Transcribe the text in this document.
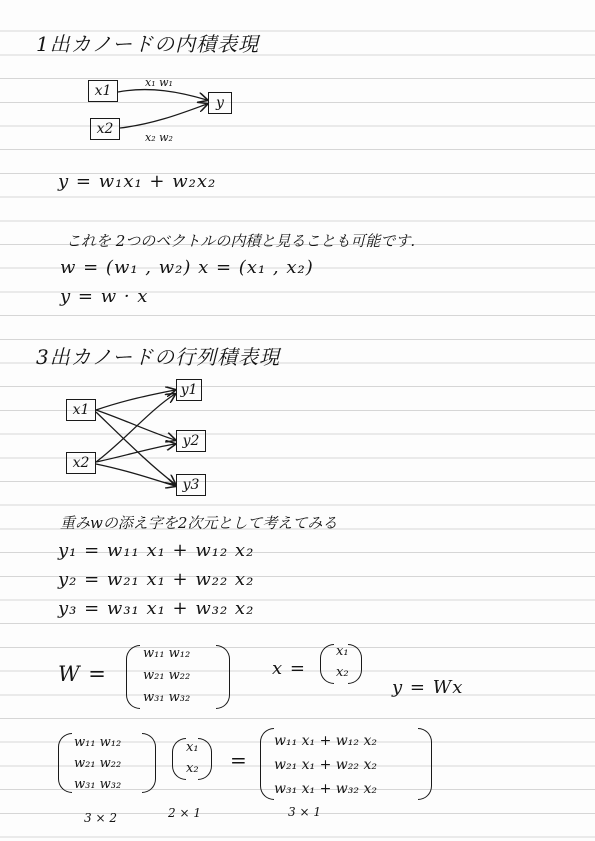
1出カノードの内積表現
x1
x2
y
x₁ w₁
x₂ w₂
y = w₁x₁ + w₂x₂
これを 2つのベクトルの内積と見ることも可能です.
w = (w₁ , w₂) x = (x₁ , x₂)
y = w · x
3出カノードの行列積表現
x1
x2
y1
y2
y3
重みwの添え字を2次元として考えてみる
y₁ = w₁₁ x₁ + w₁₂ x₂
y₂ = w₂₁ x₁ + w₂₂ x₂
y₃ = w₃₁ x₁ + w₃₂ x₂
W =
w₁₁ w₁₂
w₂₁ w₂₂
w₃₁ w₃₂
x =
x₁
x₂
y = Wx
w₁₁ w₁₂
w₂₁ w₂₂
w₃₁ w₃₂
x₁
x₂ =
w₁₁ x₁ + w₁₂ x₂
w₂₁ x₁ + w₂₂ x₂
w₃₁ x₁ + w₃₂ x₂
3 × 2	2 × 1	3 × 1
